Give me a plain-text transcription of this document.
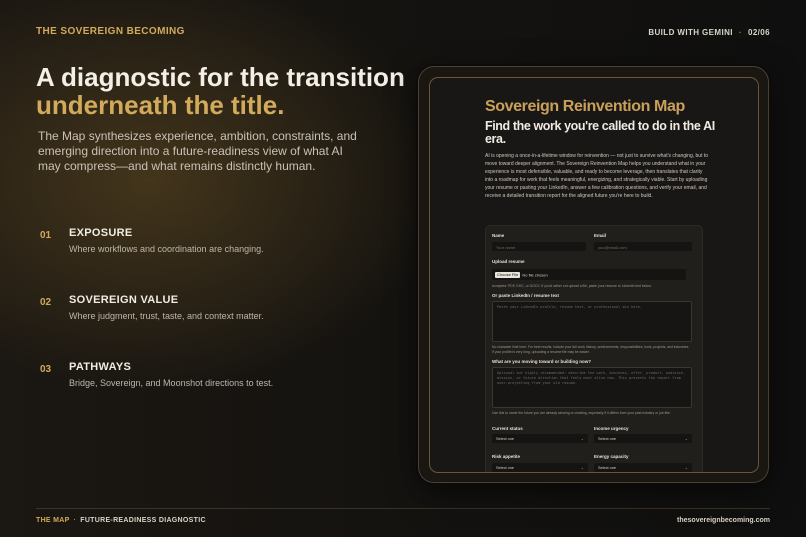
THE SOVEREIGN BECOMING	BUILD WITH GEMINI · 02/06
A diagnostic for the transition
underneath the title.

The Map synthesizes experience, ambition, constraints, and emerging direction into a future-readiness view of what AI may compress—and what remains distinctly human.

01 EXPOSURE
Where workflows and coordination are changing.
02 SOVEREIGN VALUE
Where judgment, trust, taste, and context matter.
03 PATHWAYS
Bridge, Sovereign, and Moonshot directions to test.
THE MAP · FUTURE-READINESS DIAGNOSTIC	thesovereignbecoming.com
Sovereign Reinvention Map
Find the work you're called to do in the AI era.

AI is opening a once-in-a-lifetime window for reinvention — not just to survive what's changing, but to move toward deeper alignment. The Sovereign Reinvention Map helps you understand what in your experience is most defensible, valuable, and ready to become leverage, then translates that clarity into a roadmap for work that feels meaningful, energizing, and strategically viable. Start by uploading your resume or pasting your LinkedIn, answer a few calibration questions, and verify your email, and receive a detailed transition report for the aligned future you're here to build.

Name
Your name
Email
you@email.com
Upload resume
Choose File No file chosen
Accepted: PDF, DOC, or DOCX. If you'd rather not upload a file, paste your resume or LinkedIn text below.
Or paste LinkedIn / resume text
Paste your LinkedIn profile, resume text, or professional bio here.
No character limit here. For best results, include your full work history, achievements, responsibilities, tools, projects, and industries. If your profile is very long, uploading a resume file may be easier.
What are you moving toward or building now?
Optional but highly recommended: describe the work, business, offer, product, audience, mission, or future direction that feels most alive now. This prevents the report from over-projecting from your old resume.
Use this to name the future you are already sensing or creating, especially if it differs from your past industry or job title.
Current status
Select one	⌄
Income urgency
Select one	⌄
Risk appetite
Select one	⌄
Energy capacity
Select one	⌄
